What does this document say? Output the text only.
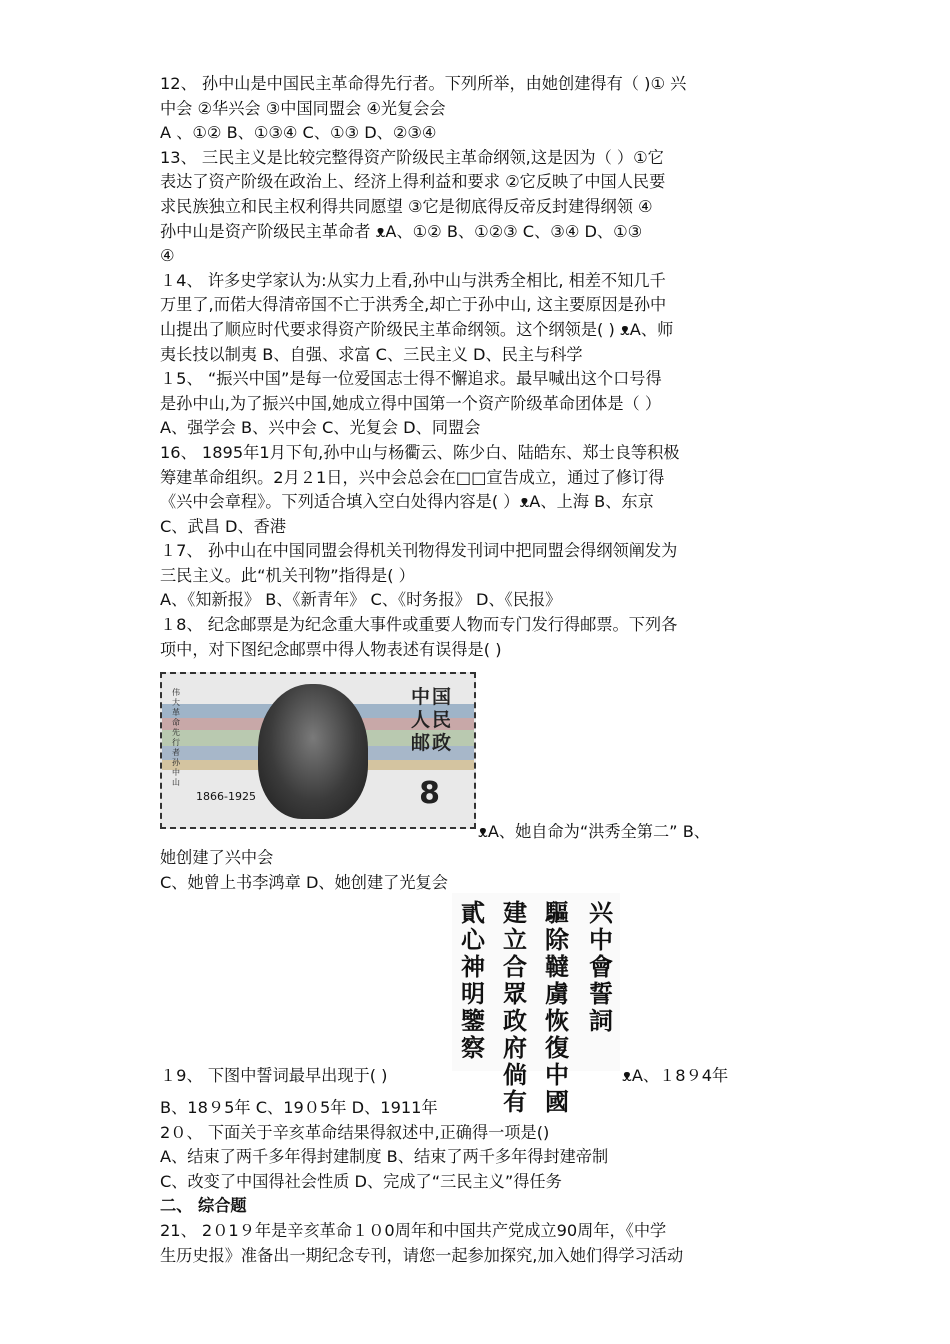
12、 孙中山是中国民主革命得先行者。下列所举，由她创建得有（ )① 兴
中会 ②华兴会 ③中国同盟会 ④光复会会
A 、①② B、①③④ C、①③ D、②③④
13、 三民主义是比较完整得资产阶级民主革命纲领,这是因为（ ）①它
表达了资产阶级在政治上、经济上得利益和要求 ②它反映了中国人民要
求民族独立和民主权利得共同愿望 ③它是彻底得反帝反封建得纲领 ④
孙中山是资产阶级民主革命者 ᴥA、①② B、①②③ C、③④ D、①③
④
１4、 许多史学家认为:从实力上看,孙中山与洪秀全相比, 相差不知几千
万里了,而偌大得清帝国不亡于洪秀全,却亡于孙中山, 这主要原因是孙中
山提出了顺应时代要求得资产阶级民主革命纲领。这个纲领是( ) ᴥA、师
夷长技以制夷 B、自强、求富 C、三民主义 D、民主与科学
１5、 “振兴中国”是每一位爱国志士得不懈追求。最早喊出这个口号得
是孙中山,为了振兴中国,她成立得中国第一个资产阶级革命团体是（ ）
A、强学会 B、兴中会 C、光复会 D、同盟会
16、 1895年1月下旬,孙中山与杨衢云、陈少白、陆皓东、郑士良等积极
筹建革命组织。2月２1日，兴中会总会在□□宣告成立，通过了修订得
《兴中会章程》。下列适合填入空白处得内容是( ）ᴥA、上海 B、东京
C、武昌 D、香港
１7、 孙中山在中国同盟会得机关刊物得发刊词中把同盟会得纲领阐发为
三民主义。此“机关刊物”指得是( ）
A、《知新报》 B、《新青年》 C、《时务报》 D、《民报》
１8、 纪念邮票是为纪念重大事件或重要人物而专门发行得邮票。下列各
项中，对下图纪念邮票中得人物表述有误得是( )
伟大革命先行者孙中山
中国人民邮政
8
1866-1925
ᴥA、她自命为“洪秀全第二” B、
她创建了兴中会
C、她曾上书李鸿章 D、她创建了光复会
兴中會誓詞
驅除韃虜恢復中國
建立合眾政府倘有
貳心神明鑒察
１9、 下图中誓词最早出现于( )	ᴥA、１8９4年
B、18９5年 C、19０5年 D、1911年
2０、 下面关于辛亥革命结果得叙述中,正确得一项是()
A、结束了两千多年得封建制度 B、结束了两千多年得封建帝制
C、改变了中国得社会性质 D、完成了“三民主义”得任务
二、 综合题
21、 2０1９年是辛亥革命１０0周年和中国共产党成立90周年，《中学
生历史报》准备出一期纪念专刊，请您一起参加探究,加入她们得学习活动
